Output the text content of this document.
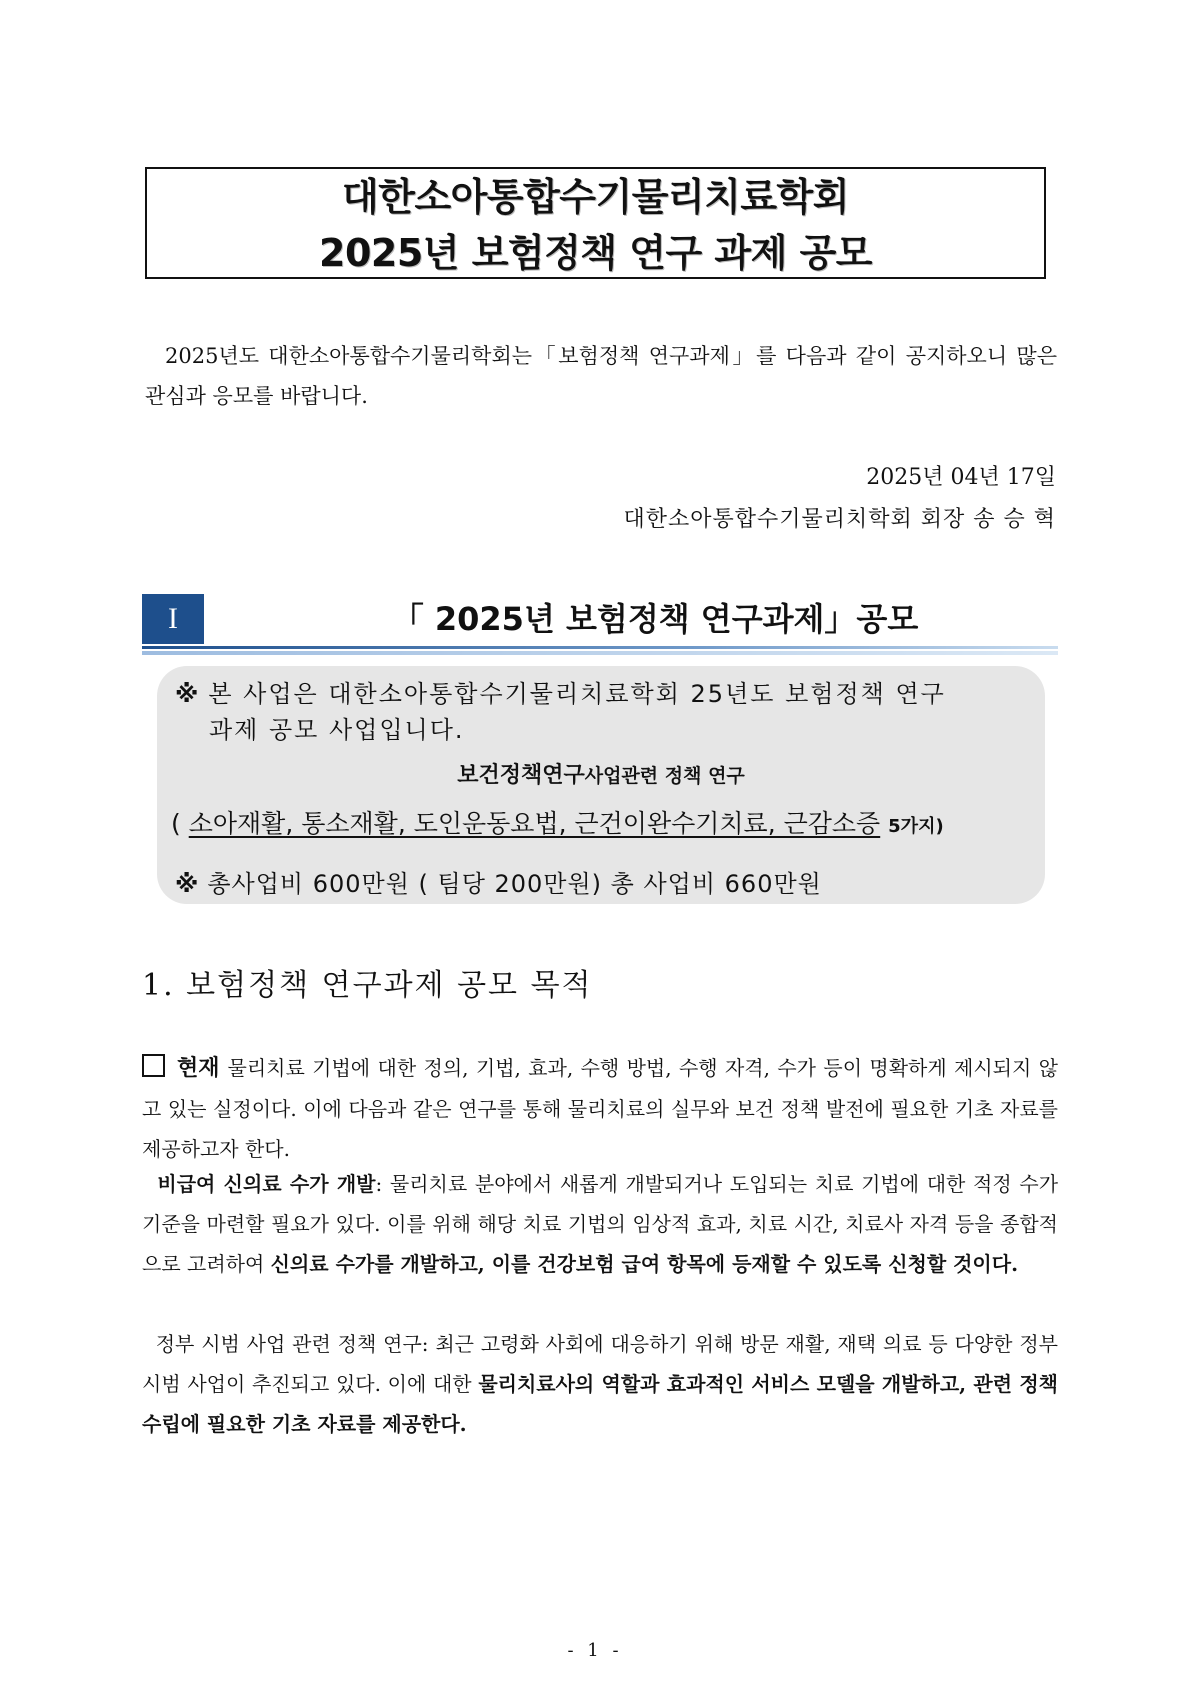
대한소아통합수기물리치료학회
2025년 보험정책 연구 과제 공모
2025년도 대한소아통합수기물리학회는「보험정책 연구과제」를 다음과 같이 공지하오니 많은 관심과 응모를 바랍니다.
2025년 04년 17일
대한소아통합수기물리치학회 회장 송 승 혁
I	「 2025년 보험정책 연구과제」공모
※ 본 사업은 대한소아통합수기물리치료학회 25년도 보험정책 연구
과제 공모 사업입니다.
보건정책연구사업관련 정책 연구
( 소아재활, 통소재활, 도인운동요법, 근건이완수기치료, 근감소증 5가지)
※ 총사업비 600만원 ( 팀당 200만원) 총 사업비 660만원
1. 보험정책 연구과제 공모 목적
현재 물리치료 기법에 대한 정의, 기법, 효과, 수행 방법, 수행 자격, 수가 등이 명확하게 제시되지 않고 있는 실정이다. 이에 다음과 같은 연구를 통해 물리치료의 실무와 보건 정책 발전에 필요한 기초 자료를 제공하고자 한다.
비급여 신의료 수가 개발: 물리치료 분야에서 새롭게 개발되거나 도입되는 치료 기법에 대한 적정 수가 기준을 마련할 필요가 있다. 이를 위해 해당 치료 기법의 임상적 효과, 치료 시간, 치료사 자격 등을 종합적으로 고려하여 신의료 수가를 개발하고, 이를 건강보험 급여 항목에 등재할 수 있도록 신청할 것이다.
정부 시범 사업 관련 정책 연구: 최근 고령화 사회에 대응하기 위해 방문 재활, 재택 의료 등 다양한 정부 시범 사업이 추진되고 있다. 이에 대한 물리치료사의 역할과 효과적인 서비스 모델을 개발하고, 관련 정책 수립에 필요한 기초 자료를 제공한다.
- 1 -
